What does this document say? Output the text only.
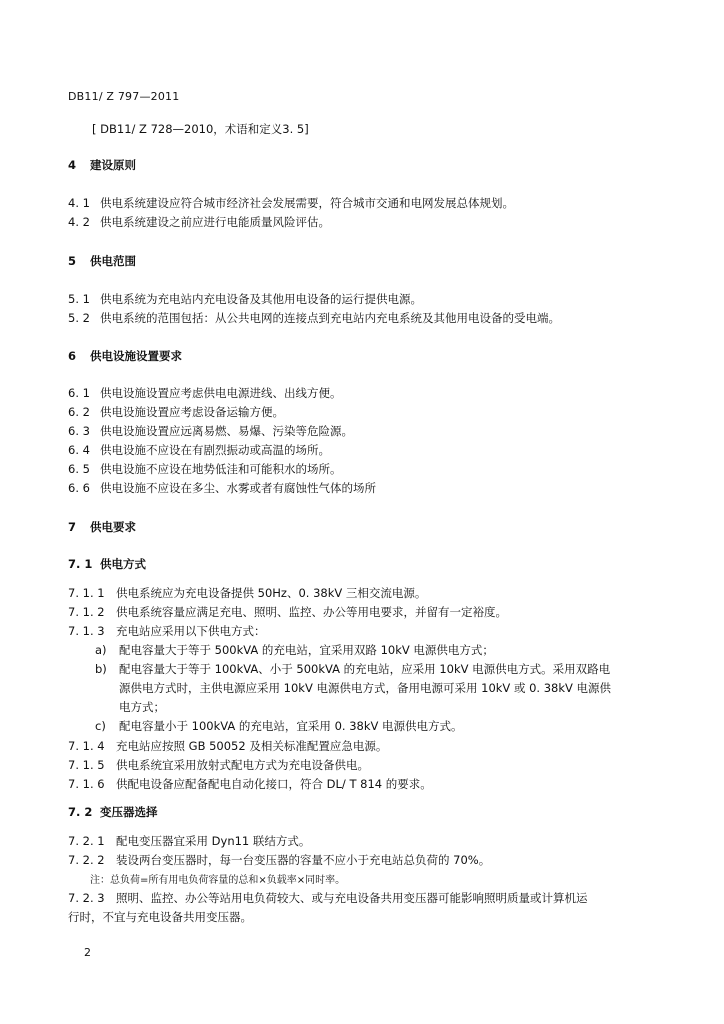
DB11/ Z 797—2011
[ DB11/ Z 728—2010，术语和定义3. 5]
4 建设原则
4. 1 供电系统建设应符合城市经济社会发展需要，符合城市交通和电网发展总体规划。
4. 2 供电系统建设之前应进行电能质量风险评估。
5 供电范围
5. 1 供电系统为充电站内充电设备及其他用电设备的运行提供电源。
5. 2 供电系统的范围包括：从公共电网的连接点到充电站内充电系统及其他用电设备的受电端。
6 供电设施设置要求
6. 1 供电设施设置应考虑供电电源进线、出线方便。
6. 2 供电设施设置应考虑设备运输方便。
6. 3 供电设施设置应远离易燃、易爆、污染等危险源。
6. 4 供电设施不应设在有剧烈振动或高温的场所。
6. 5 供电设施不应设在地势低洼和可能积水的场所。
6. 6 供电设施不应设在多尘、水雾或者有腐蚀性气体的场所
7 供电要求
7. 1 供电方式
7. 1. 1 供电系统应为充电设备提供 50Hz、0. 38kV 三相交流电源。
7. 1. 2 供电系统容量应满足充电、照明、监控、办公等用电要求，并留有一定裕度。
7. 1. 3 充电站应采用以下供电方式：
a) 配电容量大于等于 500kVA 的充电站，宜采用双路 10kV 电源供电方式；
b) 配电容量大于等于 100kVA、小于 500kVA 的充电站，应采用 10kV 电源供电方式。采用双路电
源供电方式时，主供电源应采用 10kV 电源供电方式，备用电源可采用 10kV 或 0. 38kV 电源供
电方式；
c) 配电容量小于 100kVA 的充电站，宜采用 0. 38kV 电源供电方式。
7. 1. 4 充电站应按照 GB 50052 及相关标准配置应急电源。
7. 1. 5 供电系统宜采用放射式配电方式为充电设备供电。
7. 1. 6 供配电设备应配备配电自动化接口，符合 DL/ T 814 的要求。
7. 2 变压器选择
7. 2. 1 配电变压器宜采用 Dyn11 联结方式。
7. 2. 2 装设两台变压器时，每一台变压器的容量不应小于充电站总负荷的 70%。
注：总负荷=所有用电负荷容量的总和×负载率×同时率。
7. 2. 3 照明、监控、办公等站用电负荷较大、或与充电设备共用变压器可能影响照明质量或计算机运
行时，不宜与充电设备共用变压器。
2
